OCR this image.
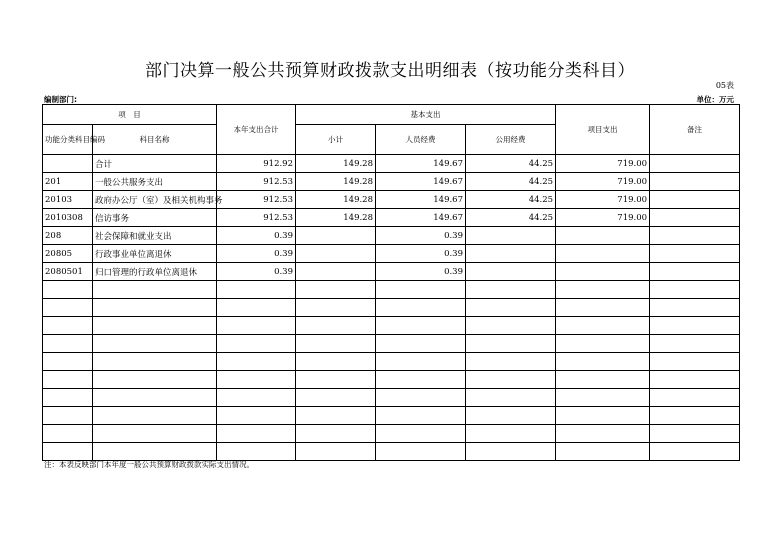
部门决算一般公共预算财政拨款支出明细表（按功能分类科目）
05表
编制部门:	单位：万元
项　目		本年支出合计	基本支出			项目支出	备注
功能分类科目编码	科目名称		小计	人员经费	公用经费		
	合计	912.92	149.28	149.67	44.25	719.00	
201	一般公共服务支出	912.53	149.28	149.67	44.25	719.00	
20103	政府办公厅（室）及相关机构事务	912.53	149.28	149.67	44.25	719.00	
2010308	信访事务	912.53	149.28	149.67	44.25	719.00	
208	社会保障和就业支出	0.39		0.39			
20805	行政事业单位离退休	0.39		0.39			
2080501	归口管理的行政单位离退休	0.39		0.39			

注：本表反映部门本年度一般公共预算财政拨款实际支出情况。
